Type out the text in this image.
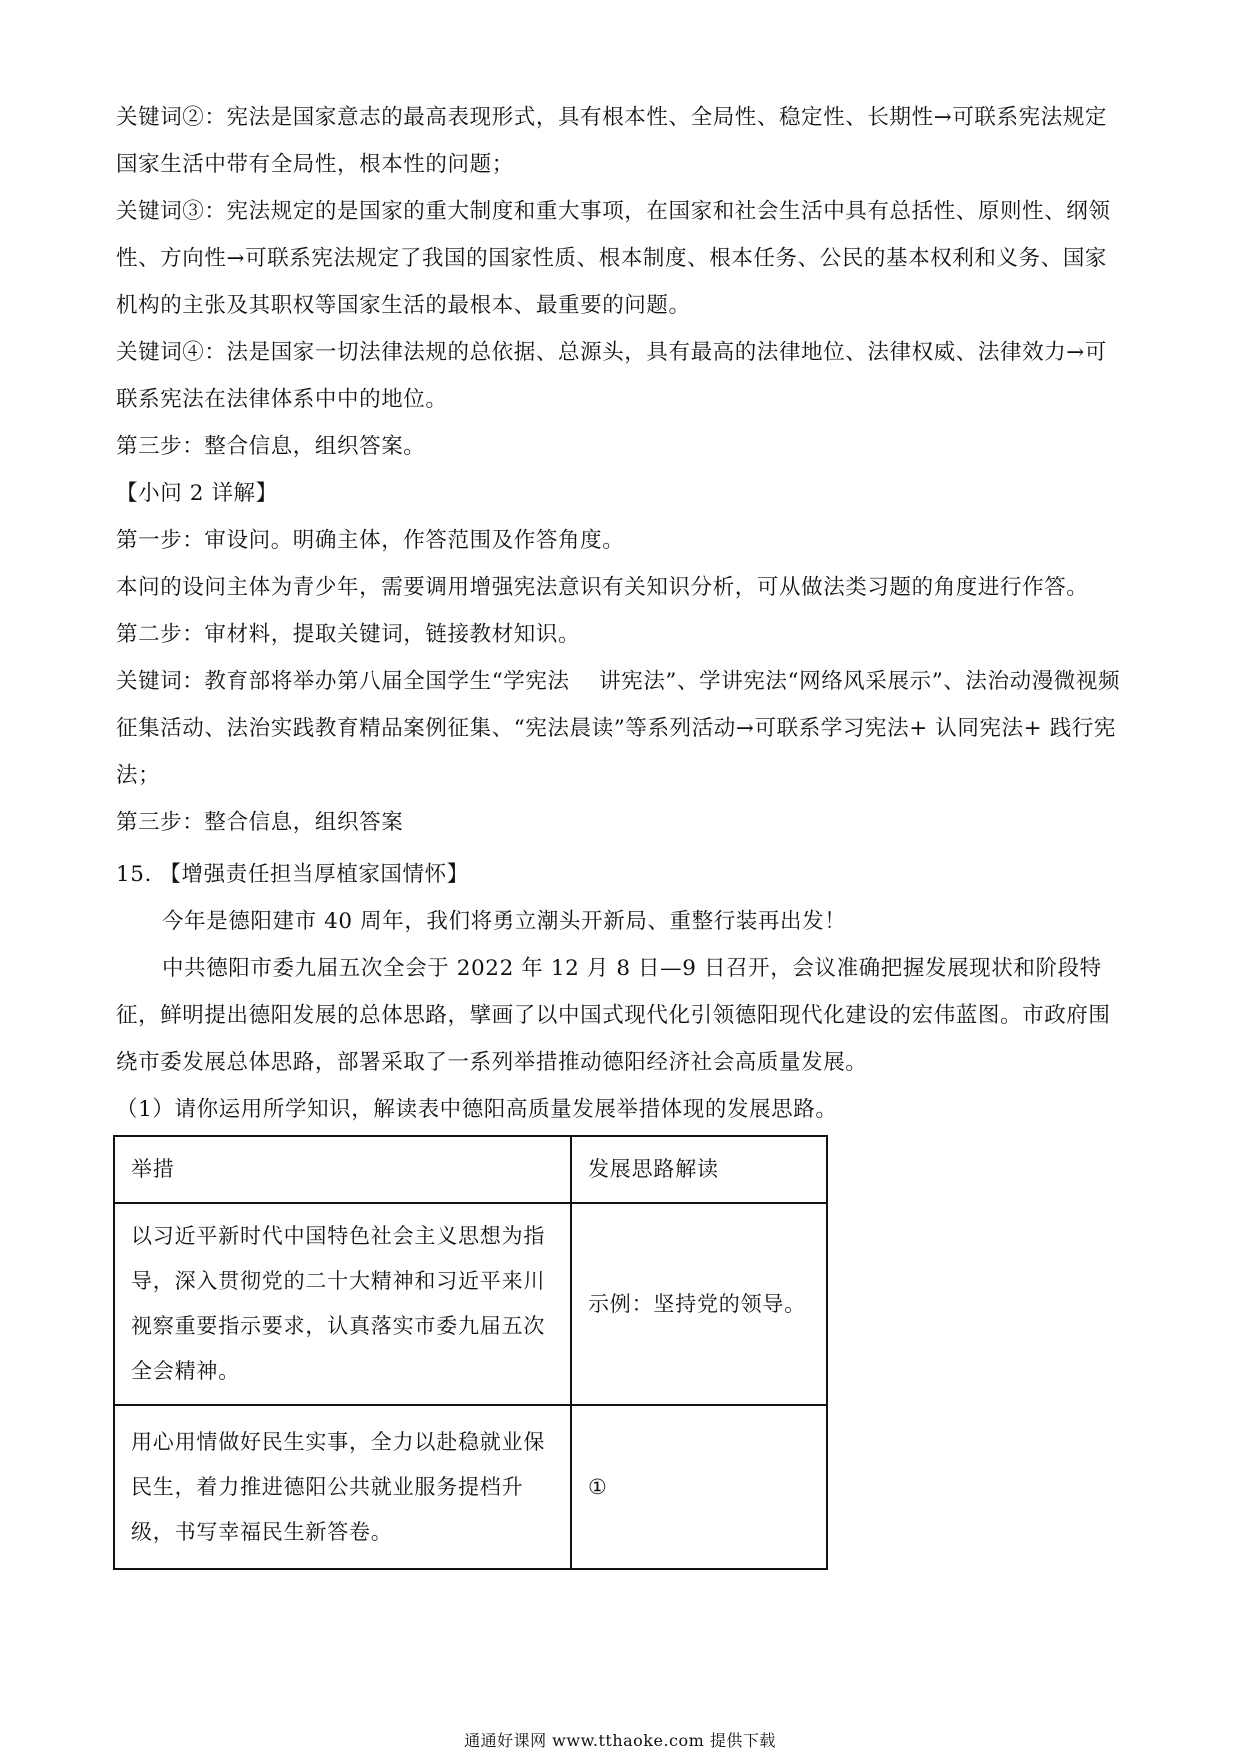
关键词②：宪法是国家意志的最高表现形式，具有根本性、全局性、稳定性、长期性→可联系宪法规定国家生活中带有全局性，根本性的问题；

关键词③：宪法规定的是国家的重大制度和重大事项，在国家和社会生活中具有总括性、原则性、纲领性、方向性→可联系宪法规定了我国的国家性质、根本制度、根本任务、公民的基本权利和义务、国家机构的主张及其职权等国家生活的最根本、最重要的问题。

关键词④：法是国家一切法律法规的总依据、总源头，具有最高的法律地位、法律权威、法律效力→可联系宪法在法律体系中中的地位。

第三步：整合信息，组织答案。

【小问 2 详解】

第一步：审设问。明确主体，作答范围及作答角度。

本问的设问主体为青少年，需要调用增强宪法意识有关知识分析，可从做法类习题的角度进行作答。

第二步：审材料，提取关键词，链接教材知识。

关键词：教育部将举办第八届全国学生“学宪法　 讲宪法”、学讲宪法“网络风采展示”、法治动漫微视频征集活动、法治实践教育精品案例征集、“宪法晨读”等系列活动→可联系学习宪法+ 认同宪法+ 践行宪法；

第三步：整合信息，组织答案

15. 【增强责任担当厚植家国情怀】

今年是德阳建市 40 周年，我们将勇立潮头开新局、重整行装再出发！

中共德阳市委九届五次全会于 2022 年 12 月 8 日—9 日召开，会议准确把握发展现状和阶段特征，鲜明提出德阳发展的总体思路，擘画了以中国式现代化引领德阳现代化建设的宏伟蓝图。市政府围绕市委发展总体思路，部署采取了一系列举措推动德阳经济社会高质量发展。

（1）请你运用所学知识，解读表中德阳高质量发展举措体现的发展思路。

举措	发展思路解读
以习近平新时代中国特色社会主义思想为指导，深入贯彻党的二十大精神和习近平来川视察重要指示要求，认真落实市委九届五次全会精神。	示例：坚持党的领导。
用心用情做好民生实事，全力以赴稳就业保民生，着力推进德阳公共就业服务提档升级，书写幸福民生新答卷。	①
通通好课网 www.tthaoke.com 提供下载
